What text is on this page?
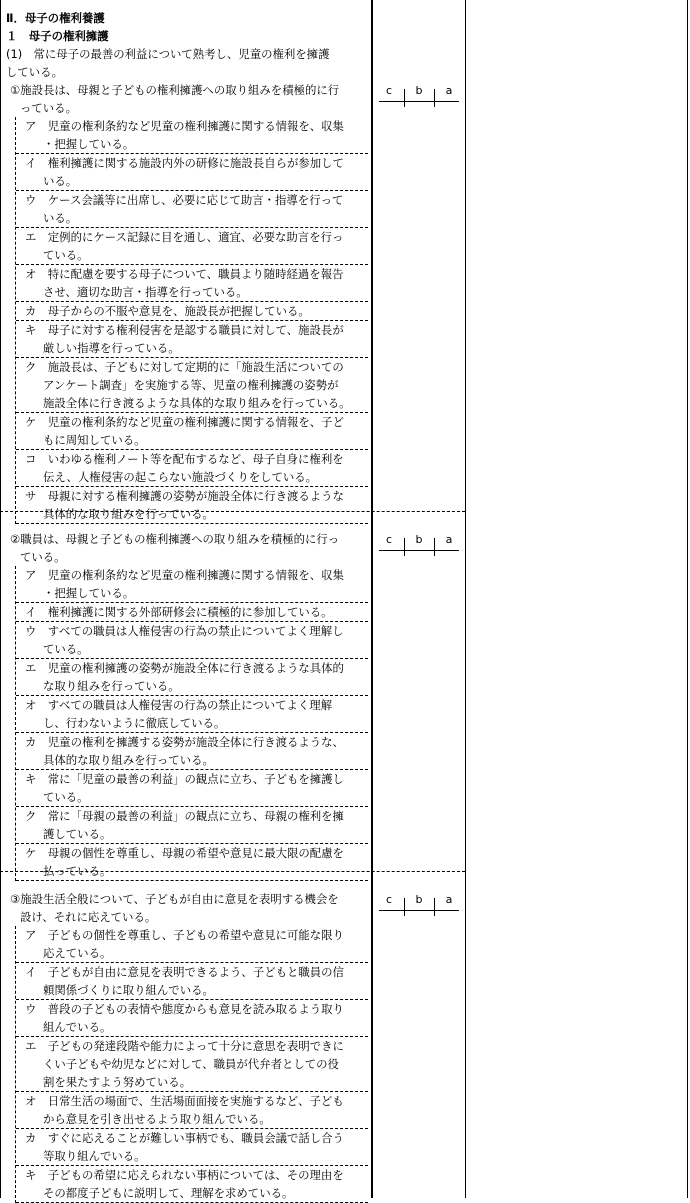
Ⅱ．母子の権利養護

１　母子の権利擁護

(1)　常に母子の最善の利益について熟考し、児童の権利を擁護

している。

①施設長は、母親と子どもの権利擁護への取り組みを積極的に行
っている。
ア　児童の権利条約など児童の権利擁護に関する情報を、収集
・把握している。
イ　権利擁護に関する施設内外の研修に施設長自らが参加して
いる。
ウ　ケース会議等に出席し、必要に応じて助言・指導を行って
いる。
エ　定例的にケース記録に目を通し、適宜、必要な助言を行っ
ている。
オ　特に配慮を要する母子について、職員より随時経過を報告
させ、適切な助言・指導を行っている。
カ　母子からの不服や意見を、施設長が把握している。
キ　母子に対する権利侵害を是認する職員に対して、施設長が
厳しい指導を行っている。
ク　施設長は、子どもに対して定期的に「施設生活についての
アンケート調査」を実施する等、児童の権利擁護の姿勢が
施設全体に行き渡るような具体的な取り組みを行っている。
ケ　児童の権利条約など児童の権利擁護に関する情報を、子ど
もに周知している。
コ　いわゆる権利ノート等を配布するなど、母子自身に権利を
伝え、人権侵害の起こらない施設づくりをしている。
サ　母親に対する権利擁護の姿勢が施設全体に行き渡るような
具体的な取り組みを行っている。
c b a
②職員は、母親と子どもの権利擁護への取り組みを積極的に行っ
ている。
ア　児童の権利条約など児童の権利擁護に関する情報を、収集
・把握している。
イ　権利擁護に関する外部研修会に積極的に参加している。
ウ　すべての職員は人権侵害の行為の禁止についてよく理解し
ている。
エ　児童の権利擁護の姿勢が施設全体に行き渡るような具体的
な取り組みを行っている。
オ　すべての職員は人権侵害の行為の禁止についてよく理解
し、行わないように徹底している。
カ　児童の権利を擁護する姿勢が施設全体に行き渡るような、
具体的な取り組みを行っている。
キ　常に「児童の最善の利益」の観点に立ち、子どもを擁護し
ている。
ク　常に「母親の最善の利益」の観点に立ち、母親の権利を擁
護している。
ケ　母親の個性を尊重し、母親の希望や意見に最大限の配慮を
払っている。
c b a
③施設生活全般について、子どもが自由に意見を表明する機会を
設け、それに応えている。
ア　子どもの個性を尊重し、子どもの希望や意見に可能な限り
応えている。
イ　子どもが自由に意見を表明できるよう、子どもと職員の信
頼関係づくりに取り組んでいる。
ウ　普段の子どもの表情や態度からも意見を読み取るよう取り
組んでいる。
エ　子どもの発達段階や能力によって十分に意思を表明できに
くい子どもや幼児などに対して、職員が代弁者としての役
割を果たすよう努めている。
オ　日常生活の場面で、生活場面面接を実施するなど、子ども
から意見を引き出せるよう取り組んでいる。
カ　すぐに応えることが難しい事柄でも、職員会議で話し合う
等取り組んでいる。
キ　子どもの希望に応えられない事柄については、その理由を
その都度子どもに説明して、理解を求めている。
c b a
